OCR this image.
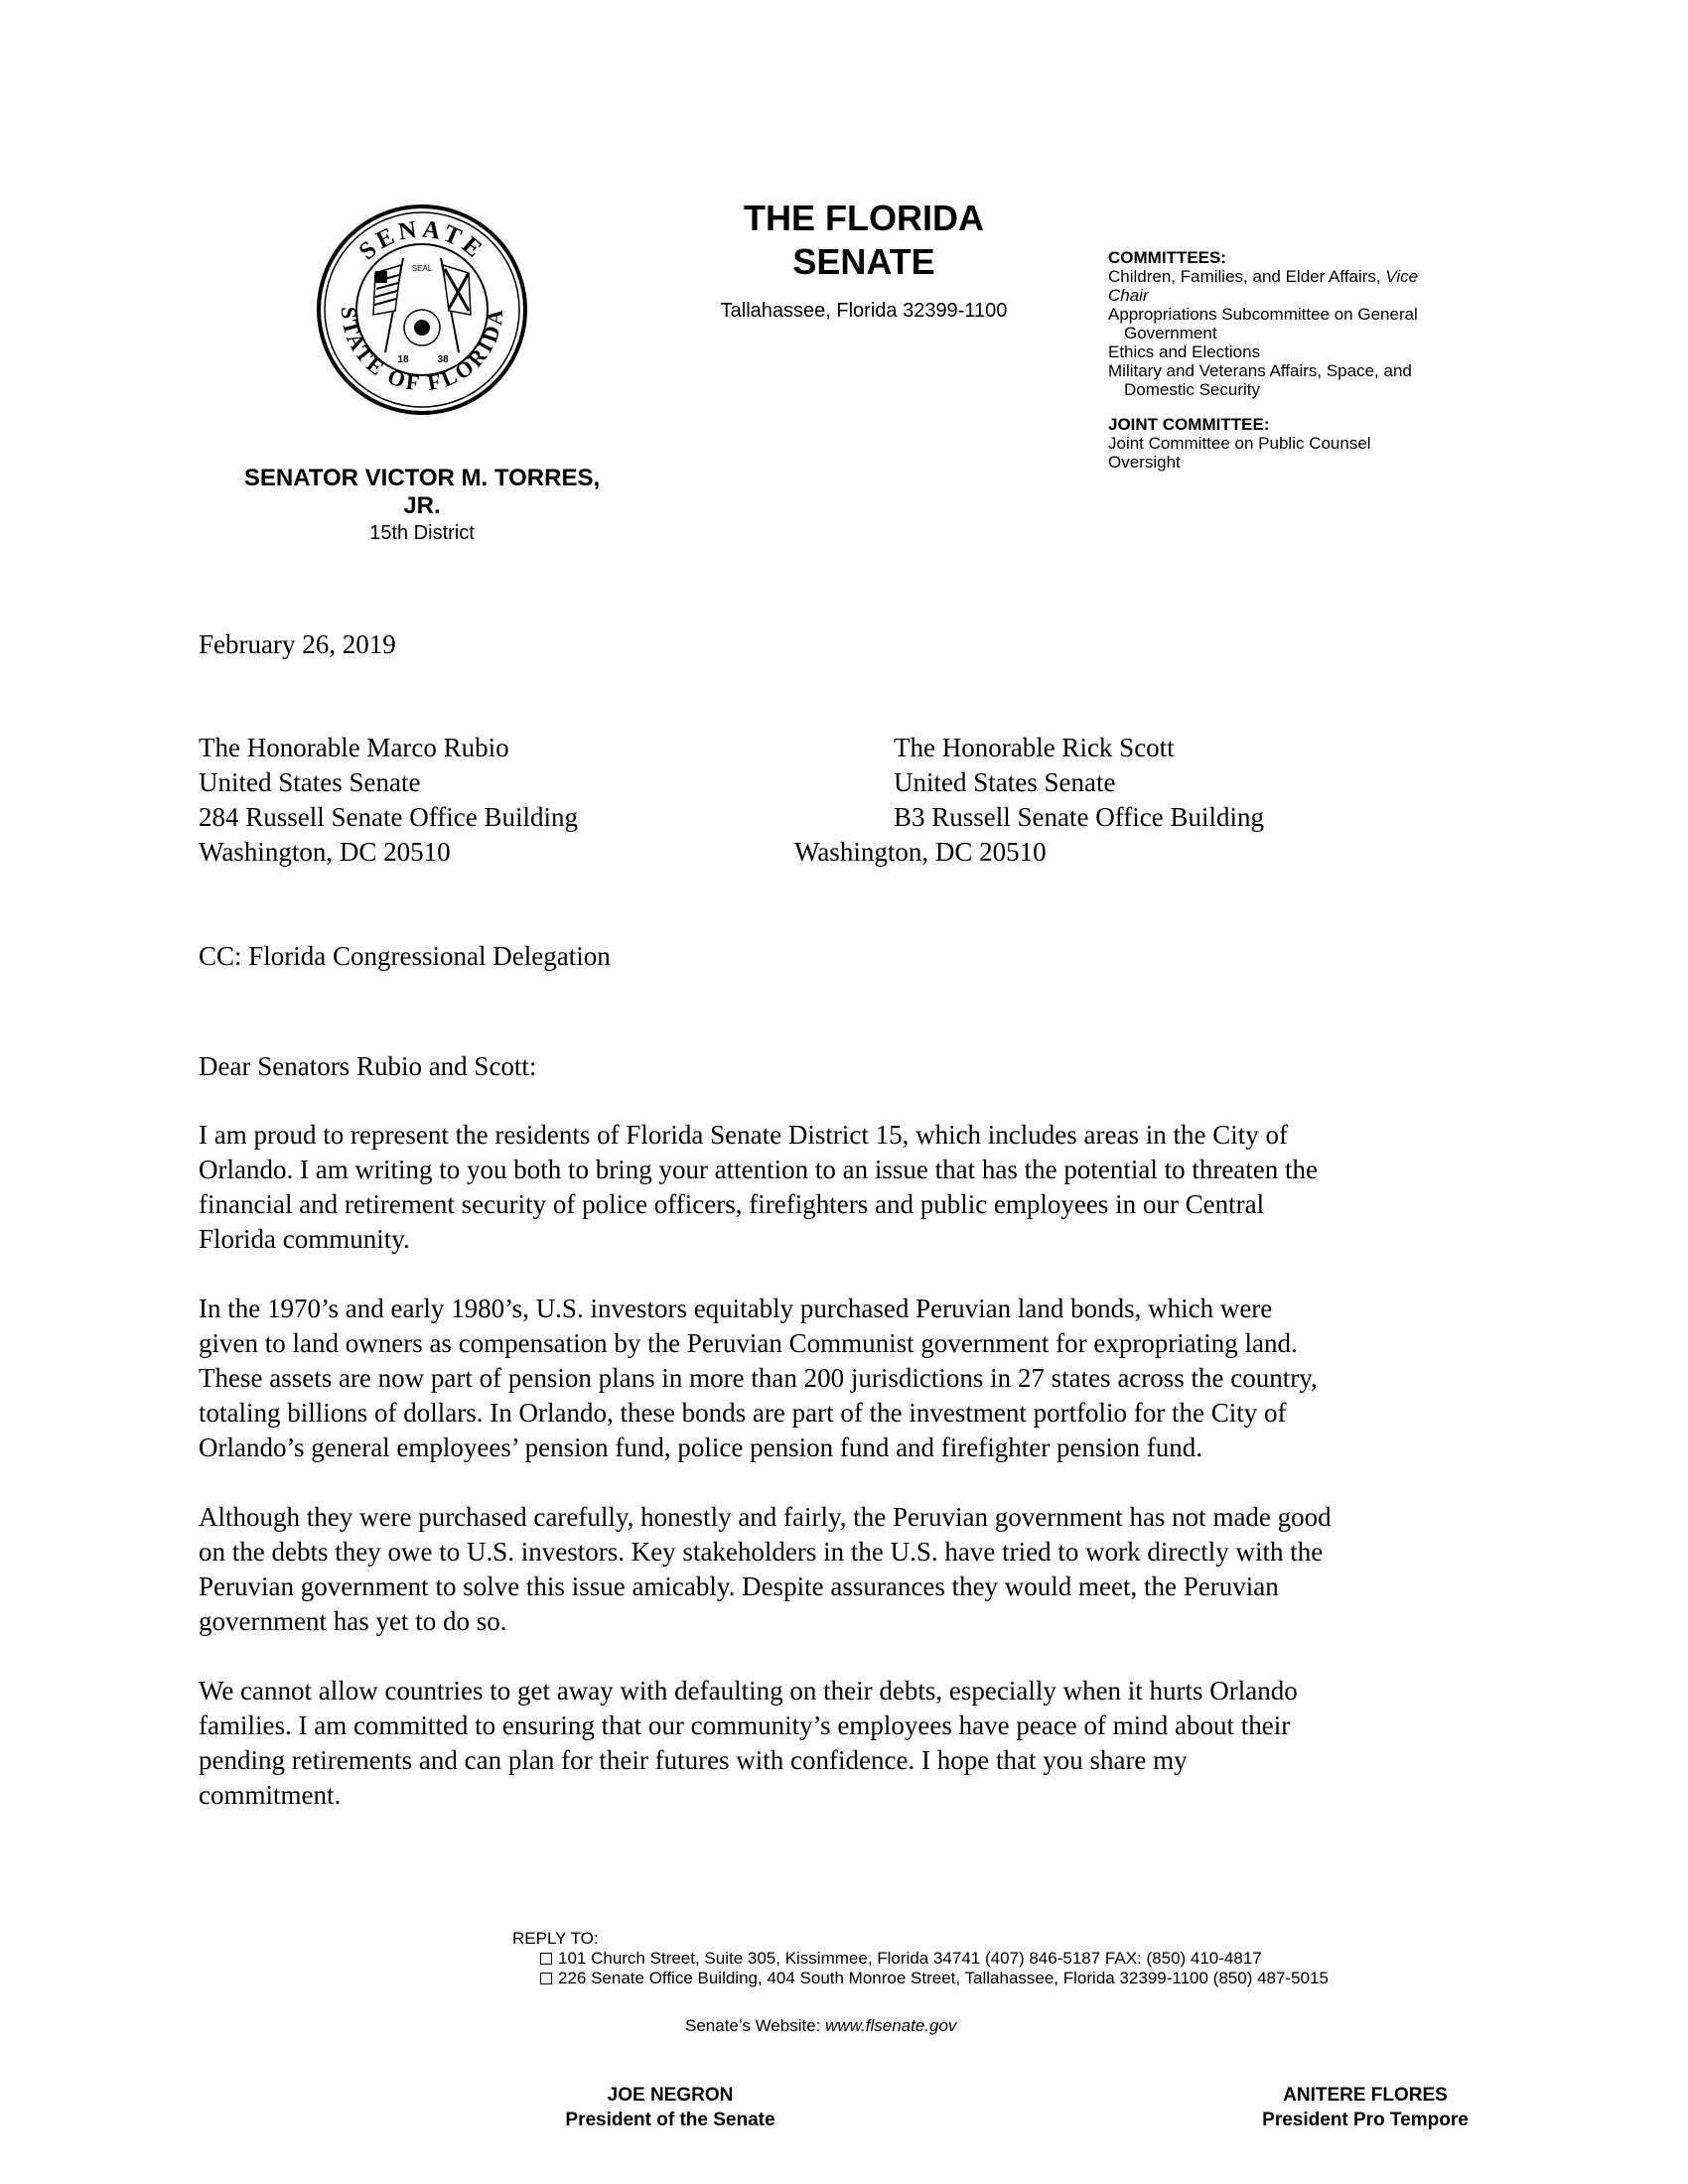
SENATE
STATE OF FLORIDA
SEAL
18	38
THE FLORIDA
SENATE
Tallahassee, Florida 32399-1100
SENATOR VICTOR M. TORRES,
JR.
15th District
COMMITTEES:
Children, Families, and Elder Affairs, Vice
Chair
Appropriations Subcommittee on General
Government
Ethics and Elections
Military and Veterans Affairs, Space, and
Domestic Security
JOINT COMMITTEE:
Joint Committee on Public Counsel
Oversight
February 26, 2019
The Honorable Marco Rubio
United States Senate
284 Russell Senate Office Building
Washington, DC 20510
The Honorable Rick Scott
United States Senate
B3 Russell Senate Office Building
Washington, DC 20510
CC: Florida Congressional Delegation
Dear Senators Rubio and Scott:
I am proud to represent the residents of Florida Senate District 15, which includes areas in the City of
Orlando. I am writing to you both to bring your attention to an issue that has the potential to threaten the
financial and retirement security of police officers, firefighters and public employees in our Central
Florida community.
In the 1970’s and early 1980’s, U.S. investors equitably purchased Peruvian land bonds, which were
given to land owners as compensation by the Peruvian Communist government for expropriating land.
These assets are now part of pension plans in more than 200 jurisdictions in 27 states across the country,
totaling billions of dollars. In Orlando, these bonds are part of the investment portfolio for the City of
Orlando’s general employees’ pension fund, police pension fund and firefighter pension fund.
Although they were purchased carefully, honestly and fairly, the Peruvian government has not made good
on the debts they owe to U.S. investors. Key stakeholders in the U.S. have tried to work directly with the
Peruvian government to solve this issue amicably. Despite assurances they would meet, the Peruvian
government has yet to do so.
We cannot allow countries to get away with defaulting on their debts, especially when it hurts Orlando
families. I am committed to ensuring that our community’s employees have peace of mind about their
pending retirements and can plan for their futures with confidence. I hope that you share my
commitment.
REPLY TO:
101 Church Street, Suite 305, Kissimmee, Florida 34741 (407) 846-5187 FAX: (850) 410-4817
226 Senate Office Building, 404 South Monroe Street, Tallahassee, Florida 32399-1100 (850) 487-5015
Senate’s Website: www.flsenate.gov
JOE NEGRON
President of the Senate
ANITERE FLORES
President Pro Tempore
